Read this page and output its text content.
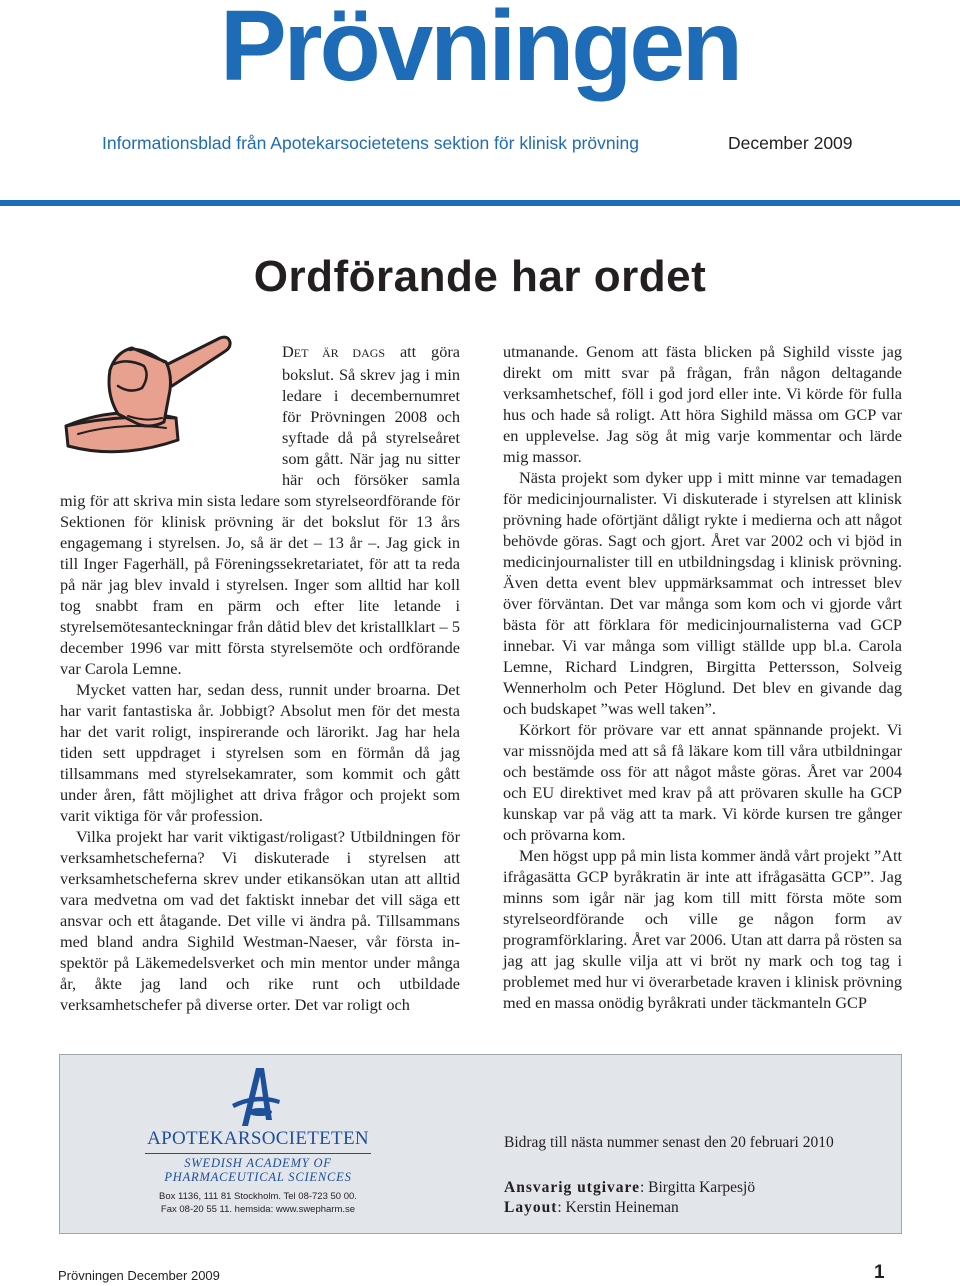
Prövningen
Informationsblad från Apotekarsocietetens sektion för klinisk prövning	December 2009
Ordförande har ordet

DET ÄR DAGS att göra bokslut. Så skrev jag i min ledare i decembernumret för Prövningen 2008 och syftade då på styrelseåret som gått. När jag nu sitter här och försöker samla mig för att skriva min sista ledare som styrelseordförande för Sektionen för klinisk prövning är det bokslut för 13 års engagemang i styrelsen. Jo, så är det – 13 år –. Jag gick in till Inger Fagerhäll, på Föreningssekretariatet, för att ta reda på när jag blev invald i styrelsen. Inger som alltid har koll tog snabbt fram en pärm och efter lite letande i styrelsemötesanteckningar från dåtid blev det kristallklart – 5 december 1996 var mitt första styrelsemöte och ordförande var Carola Lemne.

Mycket vatten har, sedan dess, runnit under broarna. Det har varit fantastiska år. Jobbigt? Absolut men för det mesta har det varit roligt, inspirerande och lärorikt. Jag har hela tiden sett uppdraget i styrelsen som en förmån då jag tillsammans med styrelsekamrater, som kommit och gått under åren, fått möjlighet att driva frågor och projekt som varit viktiga för vår profession.

Vilka projekt har varit viktigast/roligast? Utbildningen för verksamhetscheferna? Vi diskuterade i styrelsen att verksamhetscheferna skrev under etikansökan utan att alltid vara medvetna om vad det faktiskt innebar det vill säga ett ansvar och ett åtagande. Det ville vi ändra på. Tillsammans med bland andra Sighild Westman-Naeser, vår första in-spektör på Läkemedelsverket och min mentor under många år, åkte jag land och rike runt och utbildade verksamhetschefer på diverse orter. Det var roligt och

utmanande. Genom att fästa blicken på Sighild visste jag direkt om mitt svar på frågan, från någon deltagande verksamhetschef, föll i god jord eller inte. Vi körde för fulla hus och hade så roligt. Att höra Sighild mässa om GCP var en upplevelse. Jag sög åt mig varje kommentar och lärde mig massor.

Nästa projekt som dyker upp i mitt minne var temadagen för medicinjournalister. Vi diskuterade i styrelsen att klinisk prövning hade oförtjänt dåligt rykte i medierna och att något behövde göras. Sagt och gjort. Året var 2002 och vi bjöd in medicinjournalister till en utbildningsdag i klinisk prövning. Även detta event blev uppmärksammat och intresset blev över förväntan. Det var många som kom och vi gjorde vårt bästa för att förklara för medicinjournalisterna vad GCP innebar. Vi var många som villigt ställde upp bl.a. Carola Lemne, Richard Lindgren, Birgitta Pettersson, Solveig Wennerholm och Peter Höglund. Det blev en givande dag och budskapet ”was well taken”.

Körkort för prövare var ett annat spännande projekt. Vi var missnöjda med att så få läkare kom till våra utbildningar och bestämde oss för att något måste göras. Året var 2004 och EU direktivet med krav på att prövaren skulle ha GCP kunskap var på väg att ta mark. Vi körde kursen tre gånger och prövarna kom.

Men högst upp på min lista kommer ändå vårt projekt ”Att ifrågasätta GCP byråkratin är inte att ifrågasätta GCP”. Jag minns som igår när jag kom till mitt första möte som styrelseordförande och ville ge någon form av programförklaring. Året var 2006. Utan att darra på rösten sa jag att jag skulle vilja att vi bröt ny mark och tog tag i problemet med hur vi överarbetade kraven i klinisk prövning med en massa onödig byråkrati under täckmanteln GCP

APOTEKARSOCIETETEN
SWEDISH ACADEMY OF
PHARMACEUTICAL SCIENCES
Box 1136, 111 81 Stockholm. Tel 08-723 50 00.
Fax 08-20 55 11. hemsida: www.swepharm.se
Bidrag till nästa nummer senast den 20 februari 2010
Ansvarig utgivare: Birgitta Karpesjö
Layout: Kerstin Heineman
Prövningen December 2009	1
